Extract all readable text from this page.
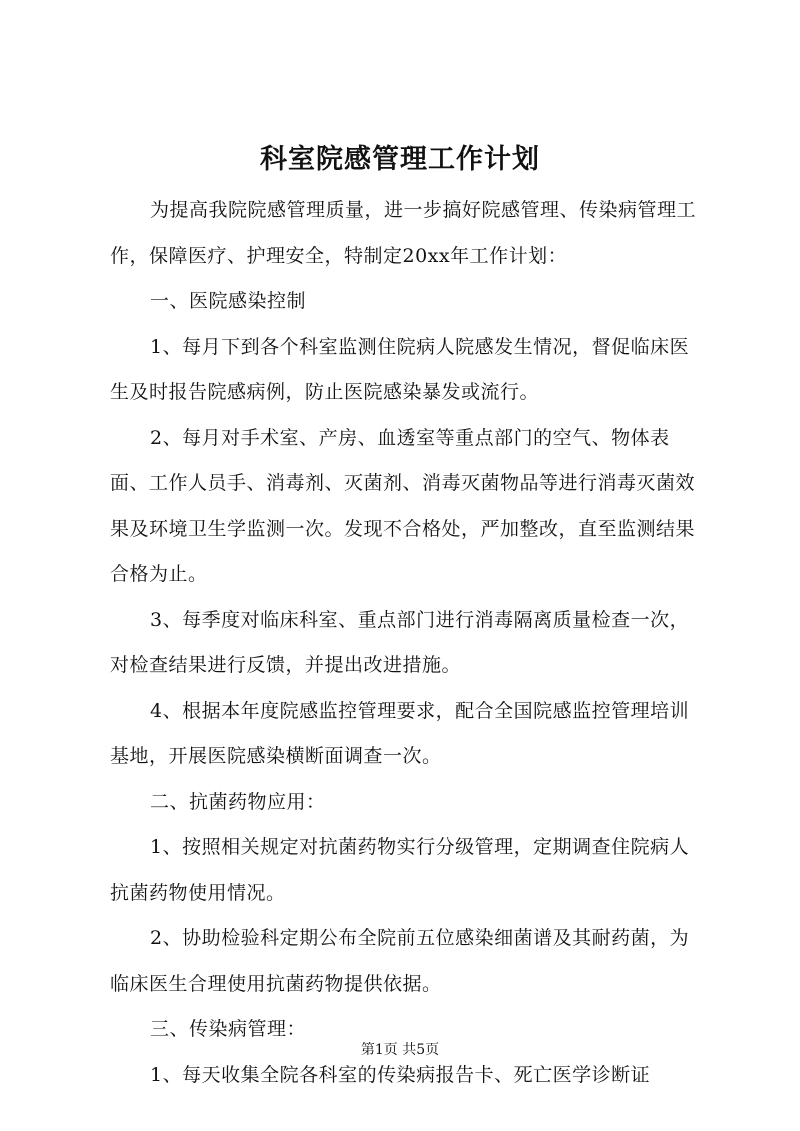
科室院感管理工作计划

为提高我院院感管理质量，进一步搞好院感管理、传染病管理工作，保障医疗、护理安全，特制定20xx年工作计划：

一、医院感染控制

1、每月下到各个科室监测住院病人院感发生情况，督促临床医生及时报告院感病例，防止医院感染暴发或流行。

2、每月对手术室、产房、血透室等重点部门的空气、物体表面、工作人员手、消毒剂、灭菌剂、消毒灭菌物品等进行消毒灭菌效果及环境卫生学监测一次。发现不合格处，严加整改，直至监测结果合格为止。

3、每季度对临床科室、重点部门进行消毒隔离质量检查一次，对检查结果进行反馈，并提出改进措施。

4、根据本年度院感监控管理要求，配合全国院感监控管理培训基地，开展医院感染横断面调查一次。

二、抗菌药物应用：

1、按照相关规定对抗菌药物实行分级管理，定期调查住院病人抗菌药物使用情况。

2、协助检验科定期公布全院前五位感染细菌谱及其耐药菌，为临床医生合理使用抗菌药物提供依据。

三、传染病管理：

1、每天收集全院各科室的传染病报告卡、死亡医学诊断证

第1页 共5页
